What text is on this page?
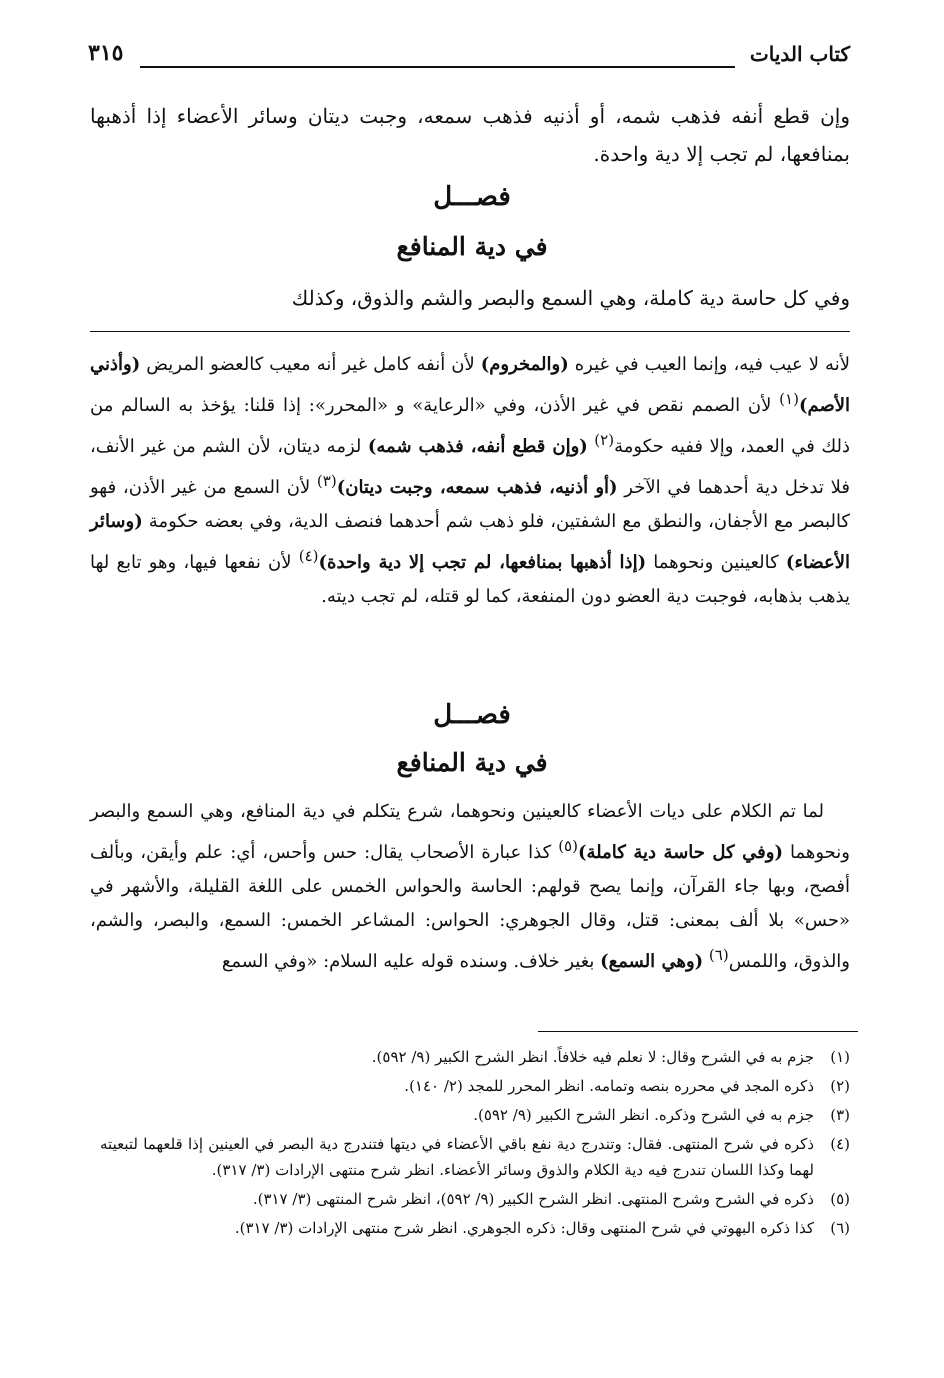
كتاب الديات
٣١٥
وإن قطع أنفه فذهب شمه، أو أذنيه فذهب سمعه، وجبت ديتان وسائر الأعضاء إذا أذهبها بمنافعها، لم تجب إلا دية واحدة.
فصـــل
في دية المنافع
وفي كل حاسة دية كاملة، وهي السمع والبصر والشم والذوق، وكذلك
لأنه لا عيب فيه، وإنما العيب في غيره (والمخروم) لأن أنفه كامل غير أنه معيب كالعضو المريض (وأذني الأصم)$^{(١)}$ لأن الصمم نقص في غير الأذن، وفي «الرعاية» و «المحرر»: إذا قلنا: يؤخذ به السالم من ذلك في العمد، وإلا ففيه حكومة$^{(٢)}$ (وإن قطع أنفه، فذهب شمه) لزمه ديتان، لأن الشم من غير الأنف، فلا تدخل دية أحدهما في الآخر (أو أذنيه، فذهب سمعه، وجبت ديتان)$^{(٣)}$ لأن السمع من غير الأذن، فهو كالبصر مع الأجفان، والنطق مع الشفتين، فلو ذهب شم أحدهما فنصف الدية، وفي بعضه حكومة (وسائر الأعضاء) كالعينين ونحوهما (إذا أذهبها بمنافعها، لم تجب إلا دية واحدة)$^{(٤)}$ لأن نفعها فيها، وهو تابع لها يذهب بذهابه، فوجبت دية العضو دون المنفعة، كما لو قتله، لم تجب ديته.
فصـــل
في دية المنافع
لما تم الكلام على ديات الأعضاء كالعينين ونحوهما، شرع يتكلم في دية المنافع، وهي السمع والبصر ونحوهما (وفي كل حاسة دية كاملة)$^{(٥)}$ كذا عبارة الأصحاب يقال: حس وأحس، أي: علم وأيقن، وبألف أفصح، وبها جاء القرآن، وإنما يصح قولهم: الحاسة والحواس الخمس على اللغة القليلة، والأشهر في «حس» بلا ألف بمعنى: قتل، وقال الجوهري: الحواس: المشاعر الخمس: السمع، والبصر، والشم، والذوق، واللمس$^{(٦)}$ (وهي السمع) بغير خلاف. وسنده قوله عليه السلام: «وفي السمع
(١)
جزم به في الشرح وقال: لا نعلم فيه خلافاً. انظر الشرح الكبير (٩/ ٥٩٢).
(٢)
ذكره المجد في محرره بنصه وتمامه. انظر المحرر للمجد (٢/ ١٤٠).
(٣)
جزم به في الشرح وذكره. انظر الشرح الكبير (٩/ ٥٩٢).
(٤)
ذكره في شرح المنتهى. فقال: وتندرج دية نفع باقي الأعضاء في ديتها فتندرج دية البصر في العينين إذا قلعهما لتبعيته لهما وكذا اللسان تندرج فيه دية الكلام والذوق وسائر الأعضاء. انظر شرح منتهى الإرادات (٣/ ٣١٧).
(٥)
ذكره في الشرح وشرح المنتهى. انظر الشرح الكبير (٩/ ٥٩٢)، انظر شرح المنتهى (٣/ ٣١٧).
(٦)
كذا ذكره البهوتي في شرح المنتهى وقال: ذكره الجوهري. انظر شرح منتهى الإرادات (٣/ ٣١٧).
